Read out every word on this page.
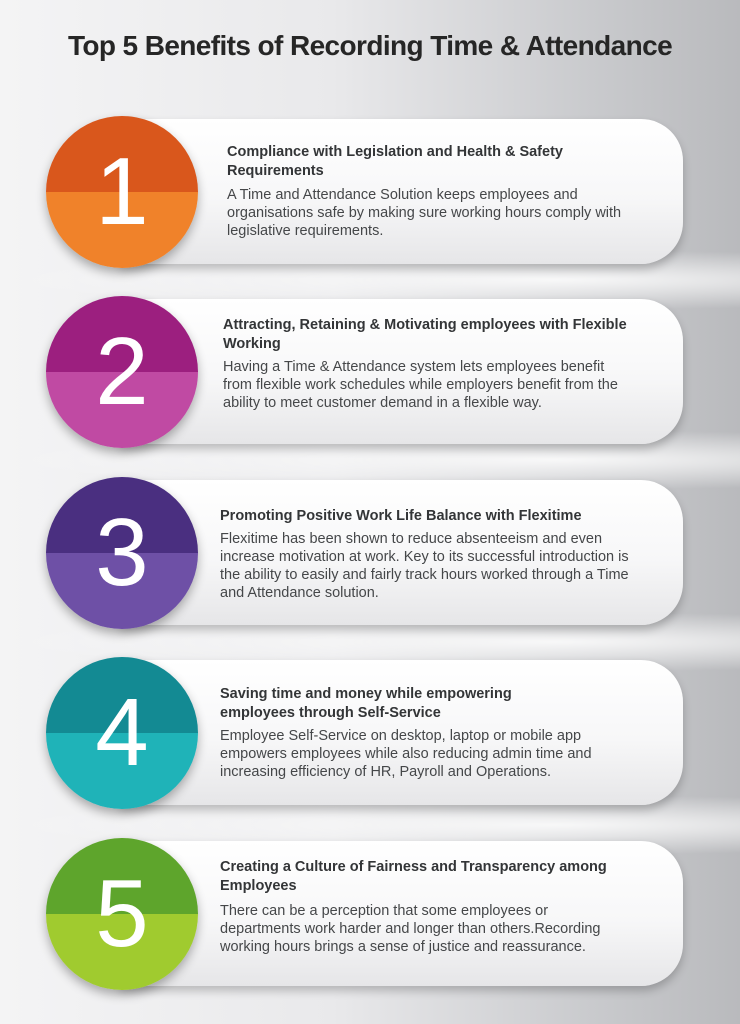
Top 5 Benefits of Recording Time & Attendance
1	Compliance with Legislation and Health & Safety Requirements
A Time and Attendance Solution keeps employees and organisations safe by making sure working hours comply with legislative requirements.
2	Attracting, Retaining & Motivating employees with Flexible Working
Having a Time & Attendance system lets employees benefit from flexible work schedules while employers benefit from the ability to meet customer demand in a flexible way.
3	Promoting Positive Work Life Balance with Flexitime
Flexitime has been shown to reduce absenteeism and even increase motivation at work. Key to its successful introduction is the ability to easily and fairly track hours worked through a Time and Attendance solution.
4	Saving time and money while empowering employees through Self-Service
Employee Self-Service on desktop, laptop or mobile app empowers employees while also reducing admin time and increasing efficiency of HR, Payroll and Operations.
5	Creating a Culture of Fairness and Transparency among Employees
There can be a perception that some employees or departments work harder and longer than others.Recording working hours brings a sense of justice and reassurance.
